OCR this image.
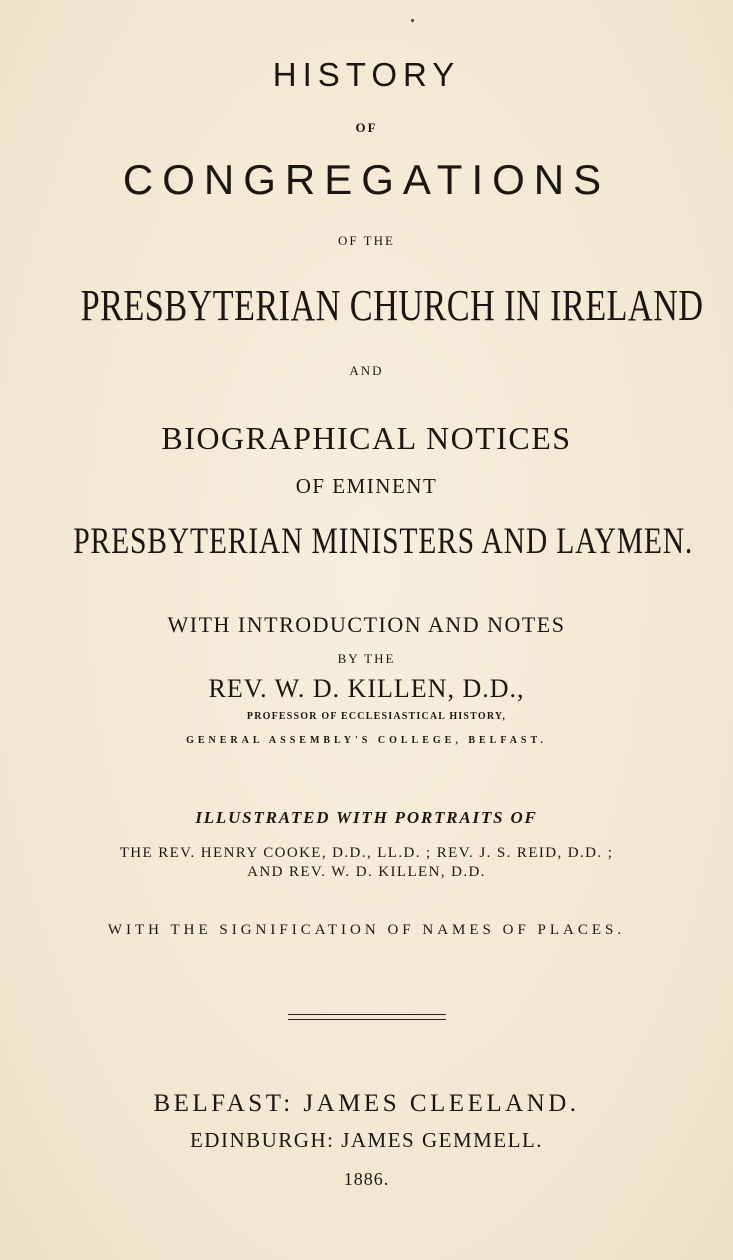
HISTORY

OF

CONGREGATIONS

OF THE

PRESBYTERIAN CHURCH IN IRELAND

AND

BIOGRAPHICAL NOTICES

OF EMINENT

PRESBYTERIAN MINISTERS AND LAYMEN.

WITH INTRODUCTION AND NOTES

BY THE

REV. W. D. KILLEN, D.D.,

PROFESSOR OF ECCLESIASTICAL HISTORY,

GENERAL ASSEMBLY'S COLLEGE, BELFAST.

ILLUSTRATED WITH PORTRAITS OF

THE REV. HENRY COOKE, D.D., LL.D. ; REV. J. S. REID, D.D. ;

AND REV. W. D. KILLEN, D.D.

WITH THE SIGNIFICATION OF NAMES OF PLACES.

BELFAST: JAMES CLEELAND.

EDINBURGH: JAMES GEMMELL.

1886.
